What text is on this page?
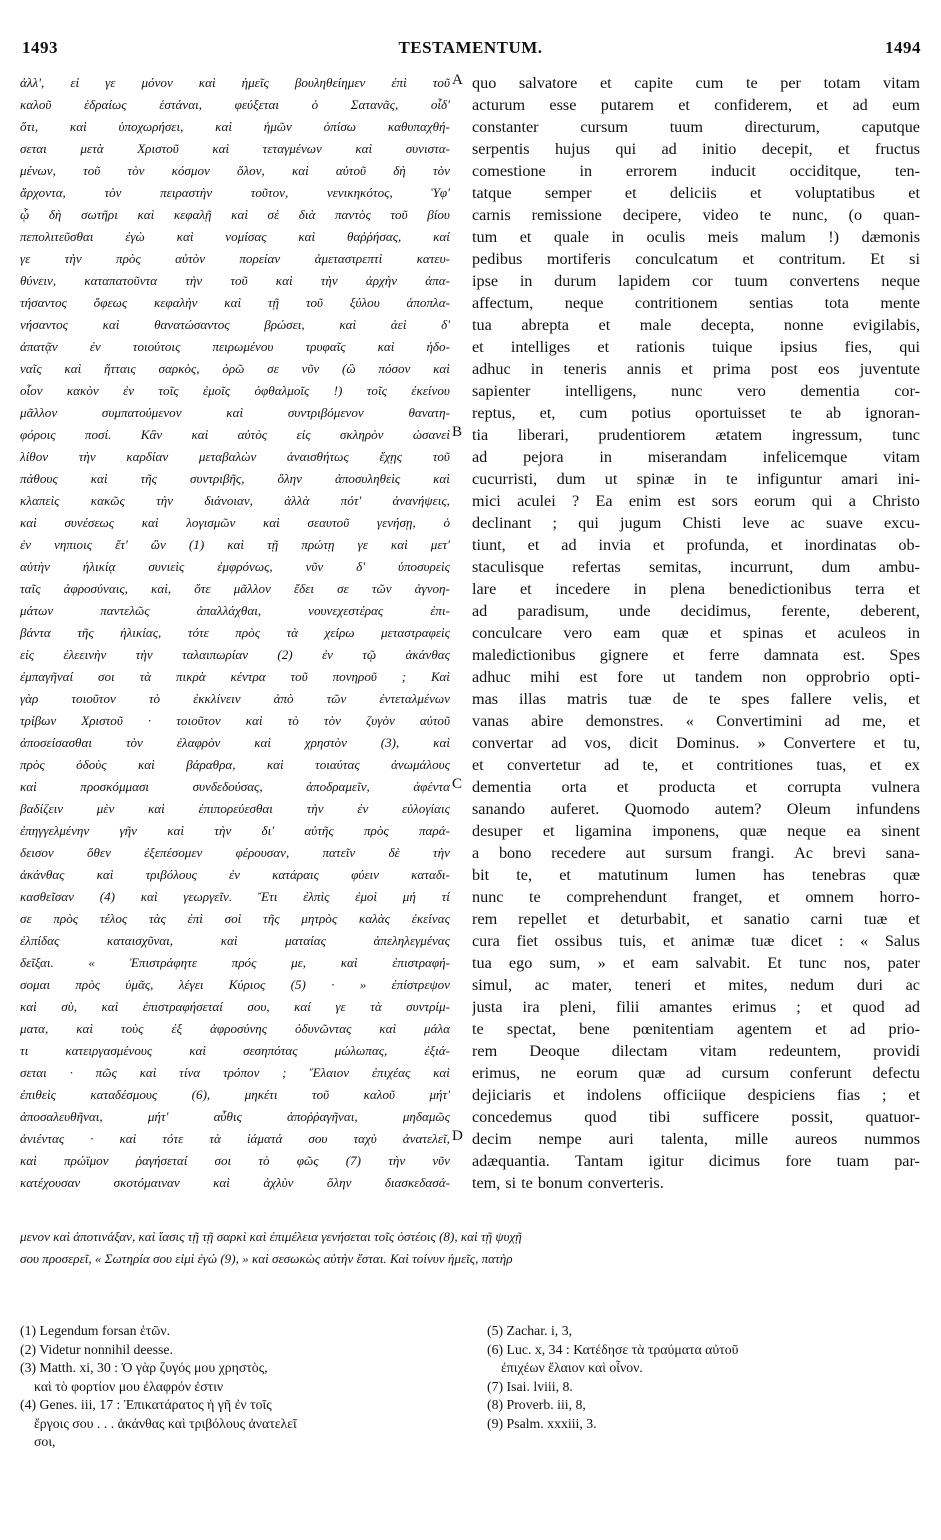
1493	TESTAMENTUM.	1494
ἀλλ', εἰ γε μόνον καὶ ἡμεῖς βουληθείημεν ἐπὶ τοῦ
καλοῦ ἑδραίως ἑστάναι, φεύξεται ὁ Σατανᾶς, οἶδ'
ὅτι, καὶ ὑποχωρήσει, καὶ ἡμῶν ὀπίσω καθυπαχθή-
σεται	μετὰ	Χριστοῦ	καὶ	τεταγμένων	καὶ	συνιστα-
μένων, τοῦ τὸν κόσμον ὅλον, καὶ αὐτοῦ δὴ τὸν
ἄρχοντα,	τὸν	πειραστὴν	τοῦτον,	νενικηκότος,	Ὑφ'
ᾧ δὴ σωτῆρι καὶ κεφαλῇ καὶ σὲ διὰ παντὸς τοῦ βίου
πεπολιτεῦσθαι ἐγὼ καὶ νομίσας καὶ θαῤῥήσας, καί
γε	τὴν	πρὸς	αὐτὸν	πορείαν	ἀμεταστρεπτὶ	κατευ-
θύνειν, καταπατοῦντα τὴν τοῦ καὶ τὴν ἀρχὴν ἀπα-
τήσαντος ὄφεως κεφαλὴν καὶ τῇ τοῦ ξύλου ἀποπλα-
νήσαντος	καὶ	θανατώσαντος	βρώσει,	καὶ	ἀεὶ	δ'
ἀπατᾷν ἐν τοιούτοις πειρωμένου τρυφαῖς καὶ ἡδο-
ναῖς καὶ ἥτταις σαρκὸς, ὁρῶ σε νῦν (ὢ πόσον καὶ
οἷον κακὸν ἐν τοῖς ἐμοῖς ὀφθαλμοῖς !) τοῖς ἐκείνου
μᾶλλον	συμπατούμενον	καὶ	συντριβόμενον	θανατη-
φόροις ποσί. Κἂν καὶ αὐτὸς εἰς σκληρὸν ὡσανεὶ
λίθον τὴν καρδίαν μεταβαλὼν ἀναισθήτως ἔχῃς τοῦ
πάθους	καὶ	τῆς	συντριβῆς,	ὅλην	ἀποσυληθεὶς	καὶ
κλαπεὶς κακῶς τὴν διάνοιαν, ἀλλὰ πότ' ἀνανήψεις,
καὶ συνέσεως καὶ λογισμῶν καὶ σεαυτοῦ γενήσῃ, ὁ
ἐν νηπιοις ἔτ' ὢν (1) καὶ τῇ πρώτῃ γε καὶ μετ'
αὐτὴν	ἡλικίᾳ	συνιεὶς	ἐμφρόνως,	νῦν	δ'	ὑποσυρεὶς
ταῖς ἀφροσύναις, καὶ, ὅτε μᾶλλον ἔδει σε τῶν ἀγνοη-
μάτων	παντελῶς	ἀπαλλάχθαι,	νουνεχεστέρας	ἐπι-
βάντα τῆς ἡλικίας, τότε πρὸς τὰ χείρω μεταστραφεὶς
εἰς ἐλεεινὴν τὴν ταλαιπωρίαν (2) ἐν τῷ ἀκάνθας
ἐμπαγῆναί σοι τὰ πικρὰ κέντρα τοῦ πονηροῦ ; Καὶ
γὰρ	τοιοῦτον	τὸ	ἐκκλίνειν	ἀπὸ	τῶν	ἐντεταλμένων
τρίβων Χριστοῦ · τοιοῦτον καὶ τὸ τὸν ζυγὸν αὐτοῦ
ἀποσείσασθαι	τὸν	ἐλαφρὸν	καὶ	χρηστὸν	(3),	καὶ
πρὸς ὁδοὺς καὶ βάραθρα, καὶ τοιαύτας ἀνωμάλους
καὶ	προσκόμμασι	συνδεδούσας,	ἀποδραμεῖν,	ἀφέντα
βαδίζειν	μὲν	καὶ	ἐπιπορεύεσθαι	τὴν	ἐν	εὐλογίαις
ἐπηγγελμένην γῆν καὶ τὴν δι' αὐτῆς πρὸς παρά-
δεισον	ὅθεν	ἐξεπέσομεν	φέρουσαν,	πατεῖν	δὲ	τὴν
ἀκάνθας καὶ τριβόλους ἐν κατάραις φύειν καταδι-
κασθεῖσαν (4) καὶ γεωργεῖν. Ἔτι ἐλπὶς ἐμοὶ μή τί
σε πρὸς τέλος τὰς ἐπὶ σοὶ τῆς μητρὸς καλὰς ἐκείνας
ἐλπίδας	καταισχῦναι,	καὶ	ματαίας	ἀπεληλεγμένας
δεῖξαι.	«	Ἐπιστράφητε	πρός	με,	καὶ	ἐπιστραφή-
σομαι πρὸς ὑμᾶς, λέγει Κύριος (5) · » ἐπίστρεψον
καὶ σὺ, καὶ ἐπιστραφήσεταί σου, καί γε τὰ συντρίμ-
ματα, καὶ τοὺς ἐξ ἀφροσύνης ὀδυνῶντας καὶ μάλα
τι	κατειργασμένους	καὶ	σεσηπότας	μώλωπας,	ἐξιά-
σεται · πῶς καὶ τίνα τρόπον ; Ἔλαιον ἐπιχέας καὶ
ἐπιθεὶς	καταδέσμους	(6),	μηκέτι	τοῦ	καλοῦ	μήτ'
ἀποσαλευθῆναι,	μήτ'	αὖθις	ἀποῤῥαγῆναι,	μηδαμῶς
ἀνιέντας · καὶ τότε τὰ ἰάματά σου ταχὺ ἀνατελεῖ,
καὶ πρώϊμον ῥαγήσεταί σοι τὸ φῶς (7) τὴν νῦν
κατέχουσαν	σκοτόμαιναν	καὶ	ἀχλὺν	ὅλην	διασκεδασά-
quo salvatore et capite cum te per totam vitam
acturum esse putarem et confiderem, et ad eum
constanter	cursum	tuum	directurum,	caputque
serpentis hujus qui ad initio decepit, et fructus
comestione in errorem inducit occiditque, ten-
tatque semper et deliciis et voluptatibus et
carnis remissione decipere, video te nunc, (o quan-
tum et quale in oculis meis malum !) dæmonis
pedibus mortiferis conculcatum et contritum. Et si
ipse in durum lapidem cor tuum convertens neque
affectum, neque contritionem sentias tota mente
tua abrepta et male decepta, nonne evigilabis,
et intelliges et rationis tuique ipsius fies, qui
adhuc in teneris annis et prima post eos juventute
sapienter intelligens, nunc vero dementia cor-
reptus, et, cum potius oportuisset te ab ignoran-
tia liberari, prudentiorem ætatem ingressum, tunc
ad pejora in miserandam infelicemque vitam
cucurristi, dum ut spinæ in te infiguntur amari ini-
mici aculei ? Ea enim est sors eorum qui a Christo
declinant ; qui jugum Chisti leve ac suave excu-
tiunt, et ad invia et profunda, et inordinatas ob-
staculisque refertas semitas, incurrunt, dum ambu-
lare et incedere in plena benedictionibus terra et
ad paradisum, unde decidimus, ferente, deberent,
conculcare vero eam quæ et spinas et aculeos in
maledictionibus gignere et ferre damnata est. Spes
adhuc mihi est fore ut tandem non opprobrio opti-
mas illas matris tuæ de te spes fallere velis, et
vanas abire demonstres. « Convertimini ad me, et
convertar ad vos, dicit Dominus. » Convertere et tu,
et convertetur ad te, et contritiones tuas, et ex
dementia orta et producta et corrupta vulnera
sanando auferet. Quomodo autem? Oleum infundens
desuper et ligamina imponens, quæ neque ea sinent
a bono recedere aut sursum frangi. Ac brevi sana-
bit te, et matutinum lumen has tenebras quæ
nunc te comprehendunt franget, et omnem horro-
rem repellet et deturbabit, et sanatio carni tuæ et
cura fiet ossibus tuis, et animæ tuæ dicet : « Salus
tua ego sum, » et eam salvabit. Et tunc nos, pater
simul, ac mater, teneri et mites, nedum duri ac
justa ira pleni, filii amantes erimus ; et quod ad
te spectat, bene pœnitentiam agentem et ad prio-
rem Deoque dilectam vitam redeuntem, providi
erimus, ne eorum quæ ad cursum conferunt defectu
dejiciaris et indolens officiique despiciens fias ; et
concedemus quod tibi sufficere possit, quatuor-
decim nempe auri talenta, mille aureos nummos
adæquantia. Tantam igitur dicimus fore tuam par-
tem, si te bonum converteris.
A
B
C
D
μενον καὶ ἀποτινάξαν, καὶ ἴασις τῇ τῇ σαρκὶ καὶ ἐπιμέλεια γενήσεται τοῖς ὀστέοις (8), καὶ τῇ ψυχῇ
σου προσερεῖ, « Σωτηρία σου εἰμὶ ἐγώ (9), » καὶ σεσωκὼς αὐτὴν ἔσται. Καὶ τοίνυν ἡμεῖς, πατὴρ
(1) Legendum forsan ἐτῶν.
(2) Videtur nonnihil deesse.
(3) Matth. xi, 30 : Ὁ γὰρ ζυγός μου χρηστὸς,
καὶ τὸ φορτίον μου ἐλαφρόν ἐστιν
(4) Genes. iii, 17 : Ἐπικατάρατος ἡ γῆ ἐν τοῖς
ἔργοις σου . . . ἀκάνθας καὶ τριβόλους ἀνατελεῖ
σοι,
(5) Zachar. i, 3,
(6) Luc. x, 34 : Κατέδησε τὰ τραύματα αὐτοῦ
ἐπιχέων ἔλαιον καὶ οἶνον.
(7) Isai. lviii, 8.
(8) Proverb. iii, 8,
(9) Psalm. xxxiii, 3.
